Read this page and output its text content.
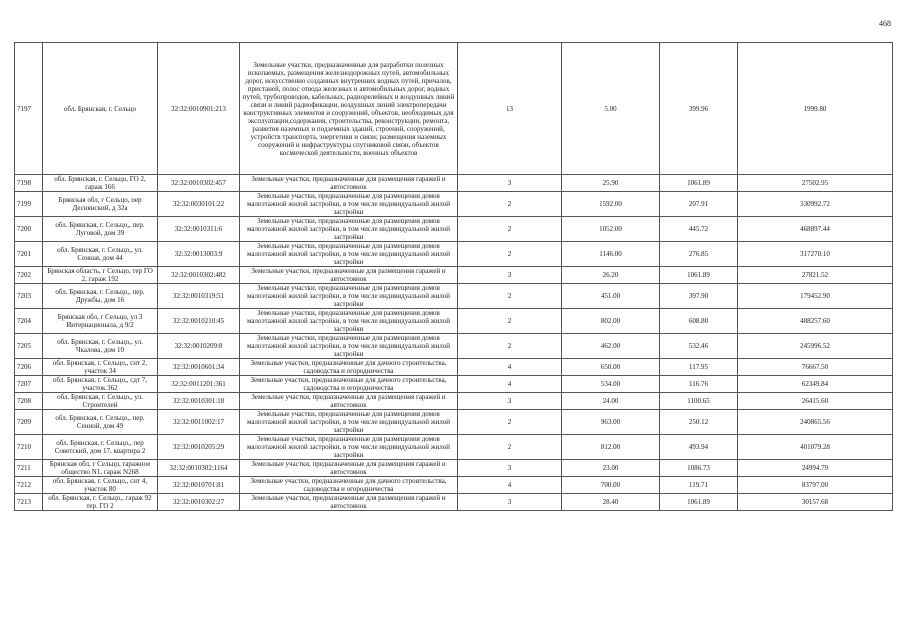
468
7197	обл. Брянская, г. Сельцо	32:32:0010901:213	Земельные участки, предназначенные для разработки полезных ископаемых, размещения железнодорожных путей, автомобильных дорог, искусственно созданных внутренних водных путей, причалов, пристаней, полос отвода железных и автомобильных дорог, водных путей, трубопроводов, кабельных, радиорелейных и воздушных линий связи и линий радиофикации, воздушных линий электропередачи конструктивных элементов и сооружений, объектов, необходимых для эксплуатации,содержания, строительства, реконструкции, ремонта, развития наземных и подземных зданий, строений, сооружений, устройств транспорта, энергетики и связи; размещения наземных сооружений и инфраструктуры спутниковой связи, объектов космической деятельности, военных объектов	13	5.00	399.96	1999.80
7198	обл. Брянская, г. Сельцо, ГО 2, гараж 166	32:32:0010302:457	Земельные участки, предназначенные для размещения гаражей и автостоянок	3	25.90	1061.89	27502.95
7199	Брянская обл, г Сельцо, пер Деснянский, д 32а	32:32:0030101:22	Земельные участки, предназначенные для размещения домов малоэтажной жилой застройки, в том числе индивидуальной жилой застройки	2	1592.00	207.91	330992.72
7200	обл. Брянская, г. Сельцо,, пер. Луговой, дом 39	32:32:0010311:6	Земельные участки, предназначенные для размещения домов малоэтажной жилой застройки, в том числе индивидуальной жилой застройки	2	1052.00	445.72	468897.44
7201	обл. Брянская, г. Сельцо,, ул. Сенная, дом 44	32:32:0013003:9	Земельные участки, предназначенные для размещения домов малоэтажной жилой застройки, в том числе индивидуальной жилой застройки	2	1146.00	276.85	317270.10
7202	Брянская область, г Сельцо, тер ГО 2, гараж 192	32:32:0010302:482	Земельные участки, предназначенные для размещения гаражей и автостоянок	3	26.20	1061.89	27821.52
7203	обл. Брянская, г. Сельцо,, пер. Дружбы, дом 16	32:32:0010319:51	Земельные участки, предназначенные для размещения домов малоэтажной жилой застройки, в том числе индивидуальной жилой застройки	2	451.00	397.90	179452.90
7204	Брянская обл, г Сельцо, ул 3 Интернационала, д 9/2	32:32:0010210:45	Земельные участки, предназначенные для размещения домов малоэтажной жилой застройки, в том числе индивидуальной жилой застройки	2	802.00	608.80	488257.60
7205	обл. Брянская, г. Сельцо,, ул. Чкалова, дом 10	32:32:0010209:8	Земельные участки, предназначенные для размещения домов малоэтажной жилой застройки, в том числе индивидуальной жилой застройки	2	462.00	532.46	245996.52
7206	обл. Брянская, г. Сельцо,, снт 2, участок 34	32:32:0010601:34	Земельные участки, предназначенные для дачного строительства, садоводства и огородничества	4	650.00	117.95	76667.50
7207	обл. Брянская, г. Сельцо,, сдт 7, участок 362	32:32:0011201:361	Земельные участки, предназначенные для дачного строительства, садоводства и огородничества	4	534.00	116.76	62349.84
7208	обл. Брянская, г. Сельцо,, ул. Строителей	32:32:0010301:18	Земельные участки, предназначенные для размещения гаражей и автостоянок	3	24.00	1100.65	26415.60
7209	обл. Брянская, г. Сельцо,, пер. Сенной, дом 49	32:32:0011002:17	Земельные участки, предназначенные для размещения домов малоэтажной жилой застройки, в том числе индивидуальной жилой застройки	2	963.00	250.12	240865.56
7210	обл. Брянская, г. Сельцо,, пер Советский, дом 17, квартира 2	32:32:0010205:29	Земельные участки, предназначенные для размещения домов малоэтажной жилой застройки, в том числе индивидуальной жилой застройки	2	812.00	493.94	401079.28
7211	Брянская обл, г Сельцо, гаражное общество N1, гараж N268	32:32:0010302:1164	Земельные участки, предназначенные для размещения гаражей и автостоянок	3	23.00	1086.73	24994.79
7212	обл. Брянская, г. Сельцо,, снт 4, участок 80	32:32:0010701:81	Земельные участки, предназначенные для дачного строительства, садоводства и огородничества	4	700.00	119.71	83797.00
7213	обл. Брянская, г. Сельцо,, гараж 92 тер. ГО 2	32:32:0010302:27	Земельные участки, предназначенные для размещения гаражей и автостоянок	3	28.40	1061.89	30157.68
